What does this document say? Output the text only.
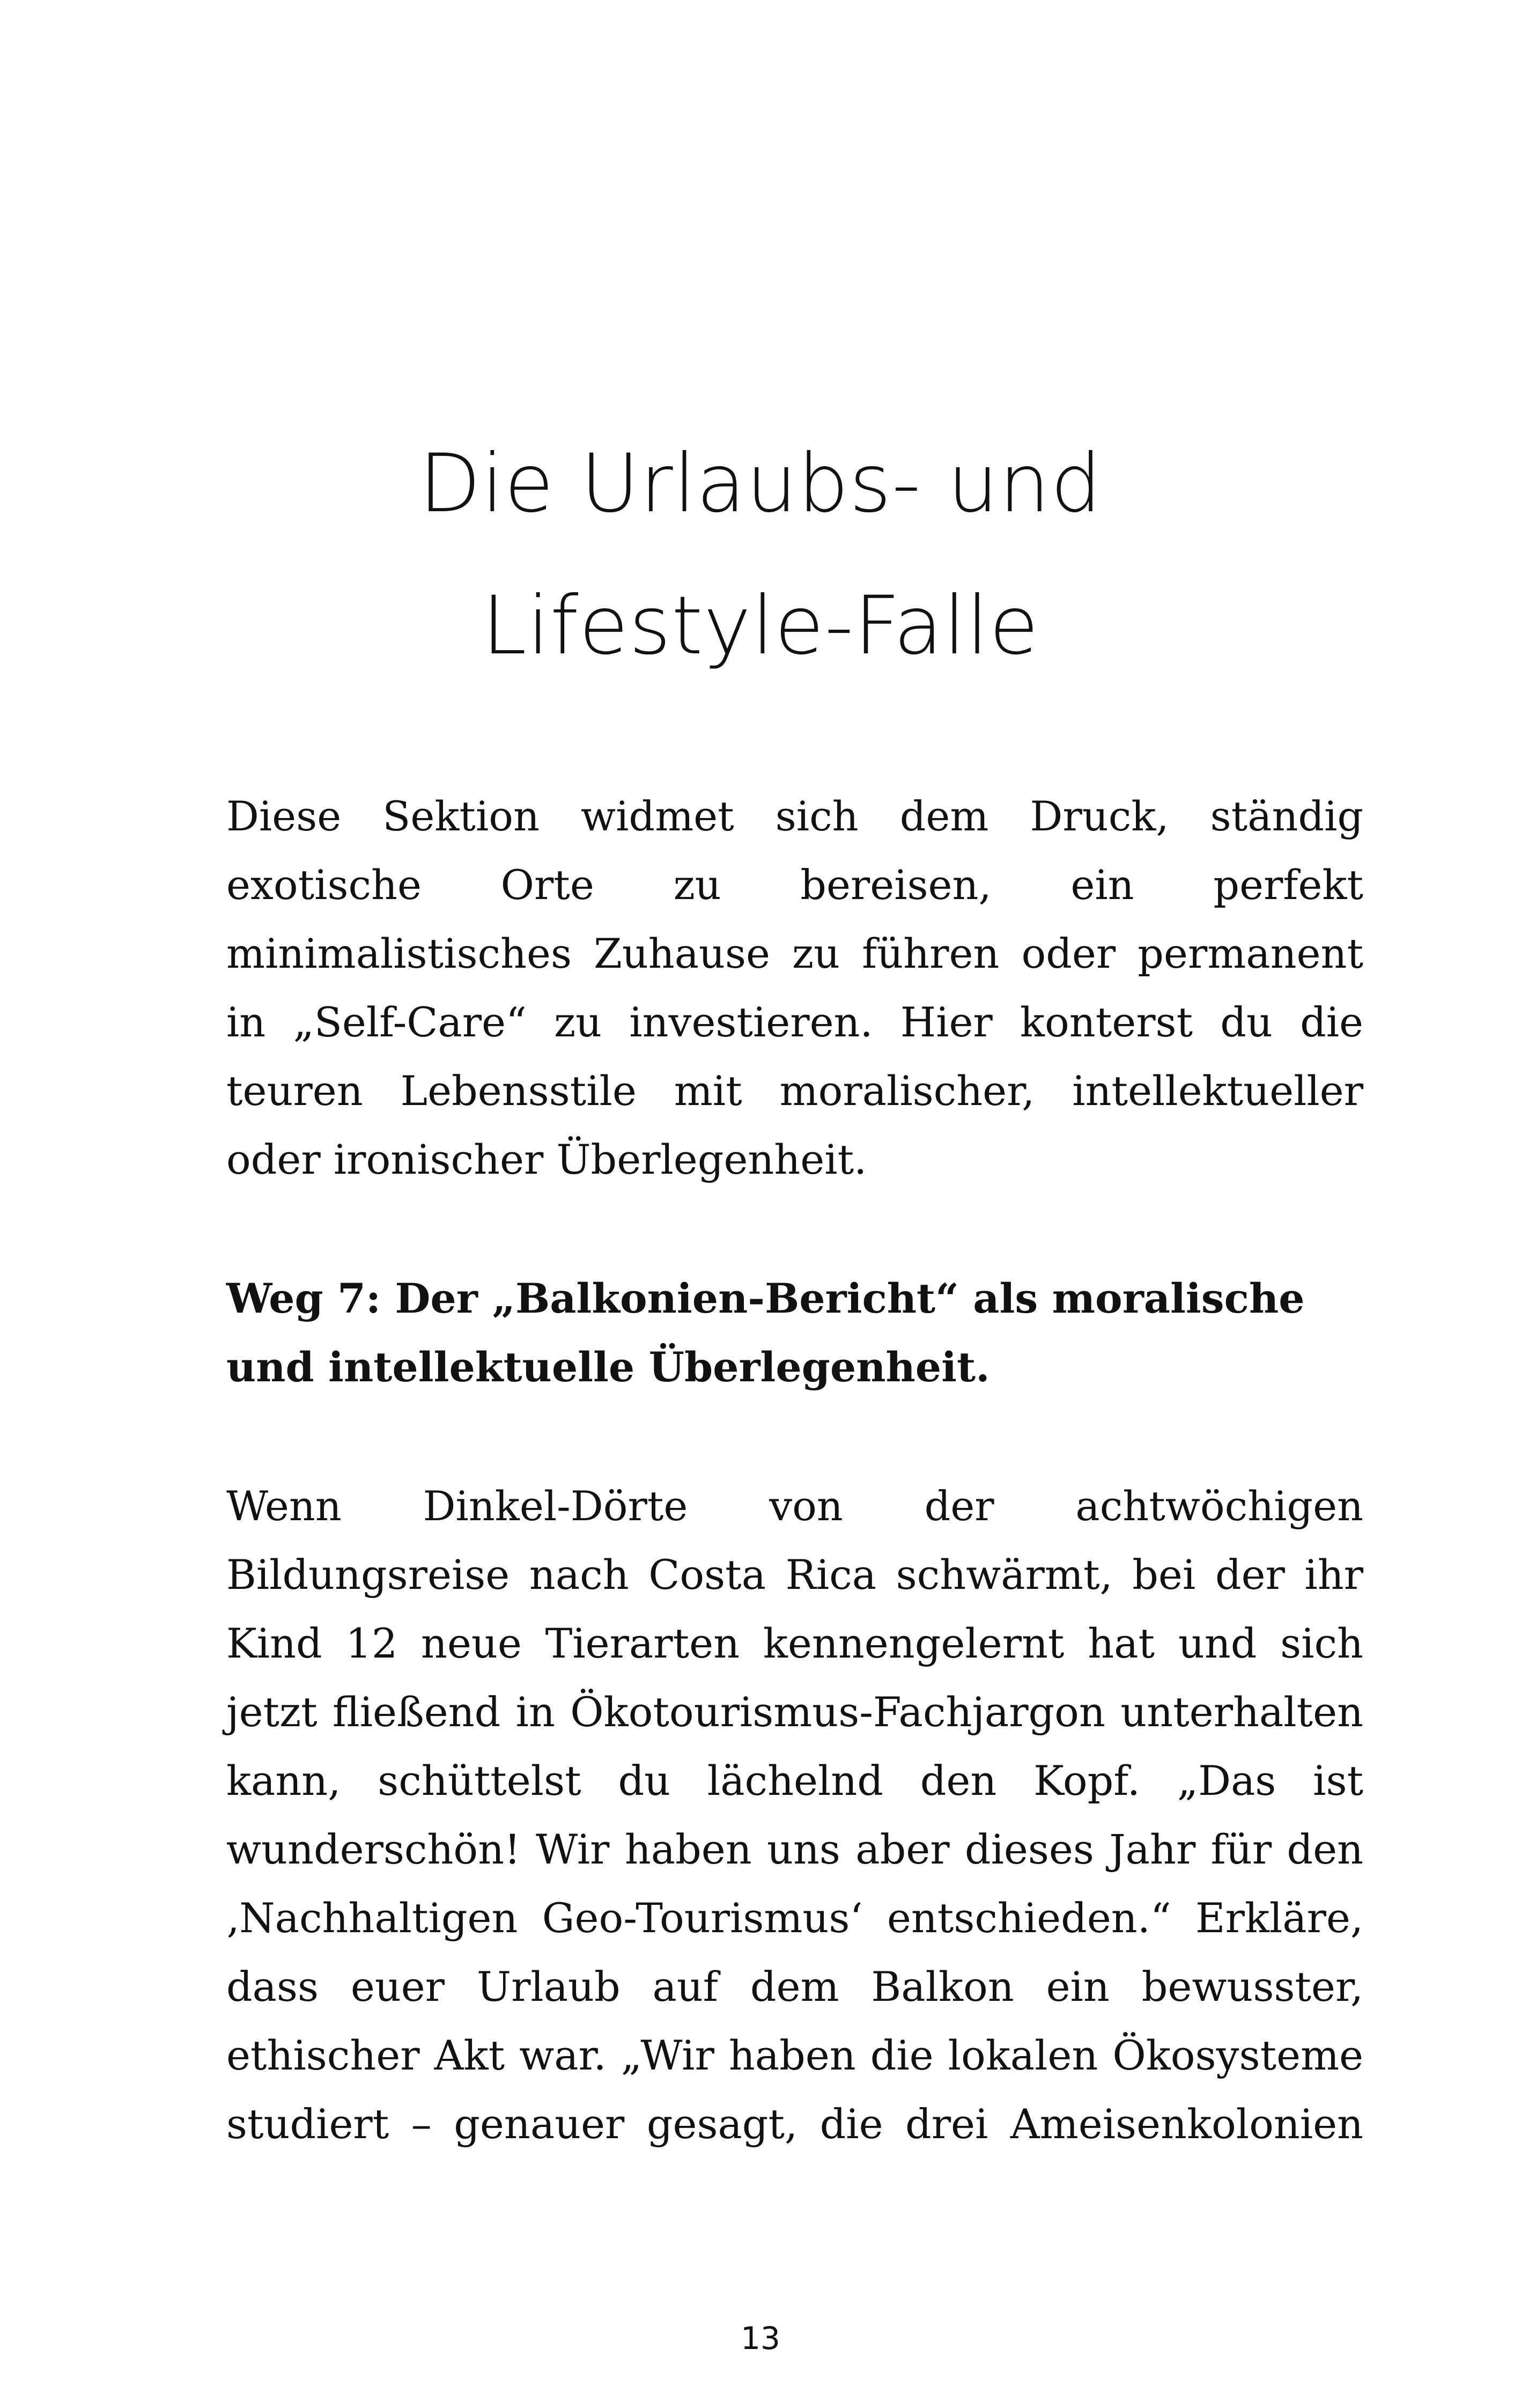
Die Urlaubs- und
Lifestyle-Falle

Diese Sektion widmet sich dem Druck, ständig exotische Orte zu bereisen, ein perfekt minimalistisches Zuhause zu führen oder permanent in „Self-Care“ zu investieren. Hier konterst du die teuren Lebensstile mit moralischer, intellektueller oder ironischer Überlegenheit.

Weg 7: Der „Balkonien-Bericht“ als moralische und intellektuelle Überlegenheit.

Wenn Dinkel-Dörte von der achtwöchigen Bildungsreise nach Costa Rica schwärmt, bei der ihr Kind 12 neue Tierarten kennengelernt hat und sich jetzt fließend in Ökotourismus-Fachjargon unterhalten kann, schüttelst du lächelnd den Kopf. „Das ist wunderschön! Wir haben uns aber dieses Jahr für den ‚Nachhaltigen Geo-Tourismus‘ entschieden.“ Erkläre, dass euer Urlaub auf dem Balkon ein bewusster, ethischer Akt war. „Wir haben die lokalen Ökosysteme studiert – genauer gesagt, die drei Ameisenkolonien

13
